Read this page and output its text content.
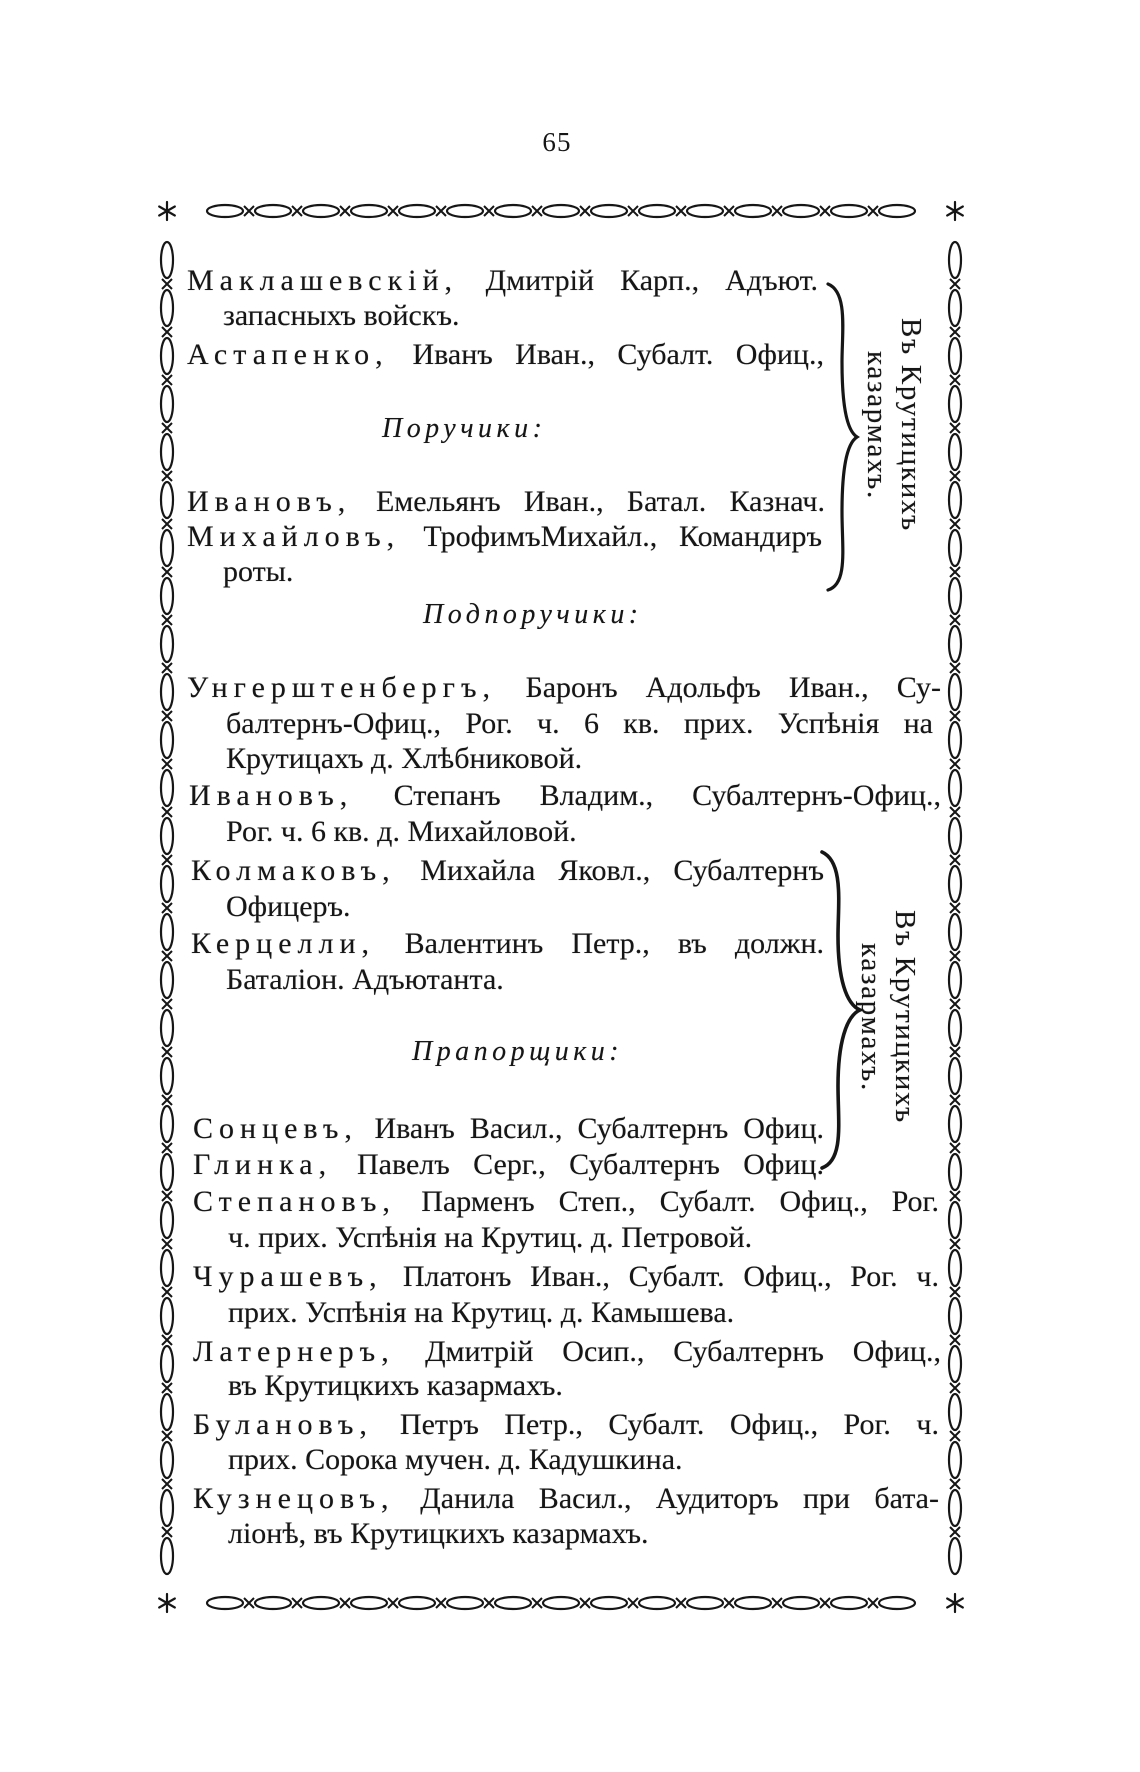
65
Маклашевскій, Дмитрій Карп., Адъют.
запасныхъ войскъ.
Астапенко, Иванъ Иван., Субалт. Офиц.,
Поручики:
Ивановъ, Емельянъ Иван., Батал. Казнач.
Михайловъ, ТрофимъМихайл., Командиръ
роты.
Подпоручики:
Унгерштенбергъ, Баронъ Адольфъ Иван., Су-
балтернъ-Офиц., Рог. ч. 6 кв. прих. Успѣнія на
Крутицахъ д. Хлѣбниковой.
Ивановъ, Степанъ Владим., Субалтернъ-Офиц.,
Рог. ч. 6 кв. д. Михайловой.
Колмаковъ, Михайла Яковл., Субалтернъ
Офицеръ.
Керцелли, Валентинъ Петр., въ должн.
Баталіон. Адъютанта.
Прапорщики:
Сонцевъ, Иванъ Васил., Субалтернъ Офиц.
Глинка, Павелъ Серг., Субалтернъ Офиц.
Степановъ, Парменъ Степ., Субалт. Офиц., Рог.
ч. прих. Успѣнія на Крутиц. д. Петровой.
Чурашевъ, Платонъ Иван., Субалт. Офиц., Рог. ч.
прих. Успѣнія на Крутиц. д. Камышева.
Латернеръ, Дмитрій Осип., Субалтернъ Офиц.,
въ Крутицкихъ казармахъ.
Булановъ, Петръ Петр., Субалт. Офиц., Рог. ч.
прих. Сорока мучен. д. Кадушкина.
Кузнецовъ, Данила Васил., Аудиторъ при бата-
ліонѣ, въ Крутицкихъ казармахъ.
Въ Крутицкихъ
казармахъ.
Въ Крутицкихъ
казармахъ.
